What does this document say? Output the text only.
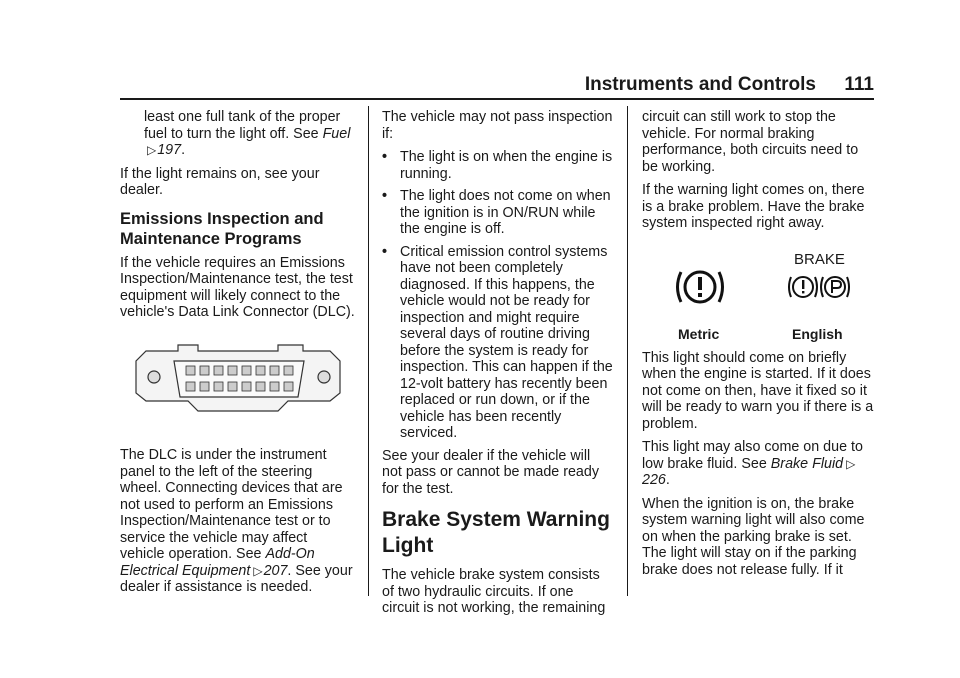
Instruments and Controls 111

least one full tank of the proper fuel to turn the light off. See Fuel▷197.

If the light remains on, see your dealer.

Emissions Inspection and Maintenance Programs

If the vehicle requires an Emissions Inspection/Maintenance test, the test equipment will likely connect to the vehicle's Data Link Connector (DLC).

The DLC is under the instrument panel to the left of the steering wheel. Connecting devices that are not used to perform an Emissions Inspection/Maintenance test or to service the vehicle may affect vehicle operation. See Add-On Electrical Equipment ▷207. See your dealer if assistance is needed.

The vehicle may not pass inspection if:

• The light is on when the engine is running.
• The light does not come on when the ignition is in ON/RUN while the engine is off.
• Critical emission control systems have not been completely diagnosed. If this happens, the vehicle would not be ready for inspection and might require several days of routine driving before the system is ready for inspection. This can happen if the 12-volt battery has recently been replaced or run down, or if the vehicle has been recently serviced.

See your dealer if the vehicle will not pass or cannot be made ready for the test.

Brake System Warning Light

The vehicle brake system consists of two hydraulic circuits. If one circuit is not working, the remaining

circuit can still work to stop the vehicle. For normal braking performance, both circuits need to be working.

If the warning light comes on, there is a brake problem. Have the brake system inspected right away.

BRAKE
Metric	English

This light should come on briefly when the engine is started. If it does not come on then, have it fixed so it will be ready to warn you if there is a problem.

This light may also come on due to low brake fluid. See Brake Fluid ▷226.

When the ignition is on, the brake system warning light will also come on when the parking brake is set. The light will stay on if the parking brake does not release fully. If it
